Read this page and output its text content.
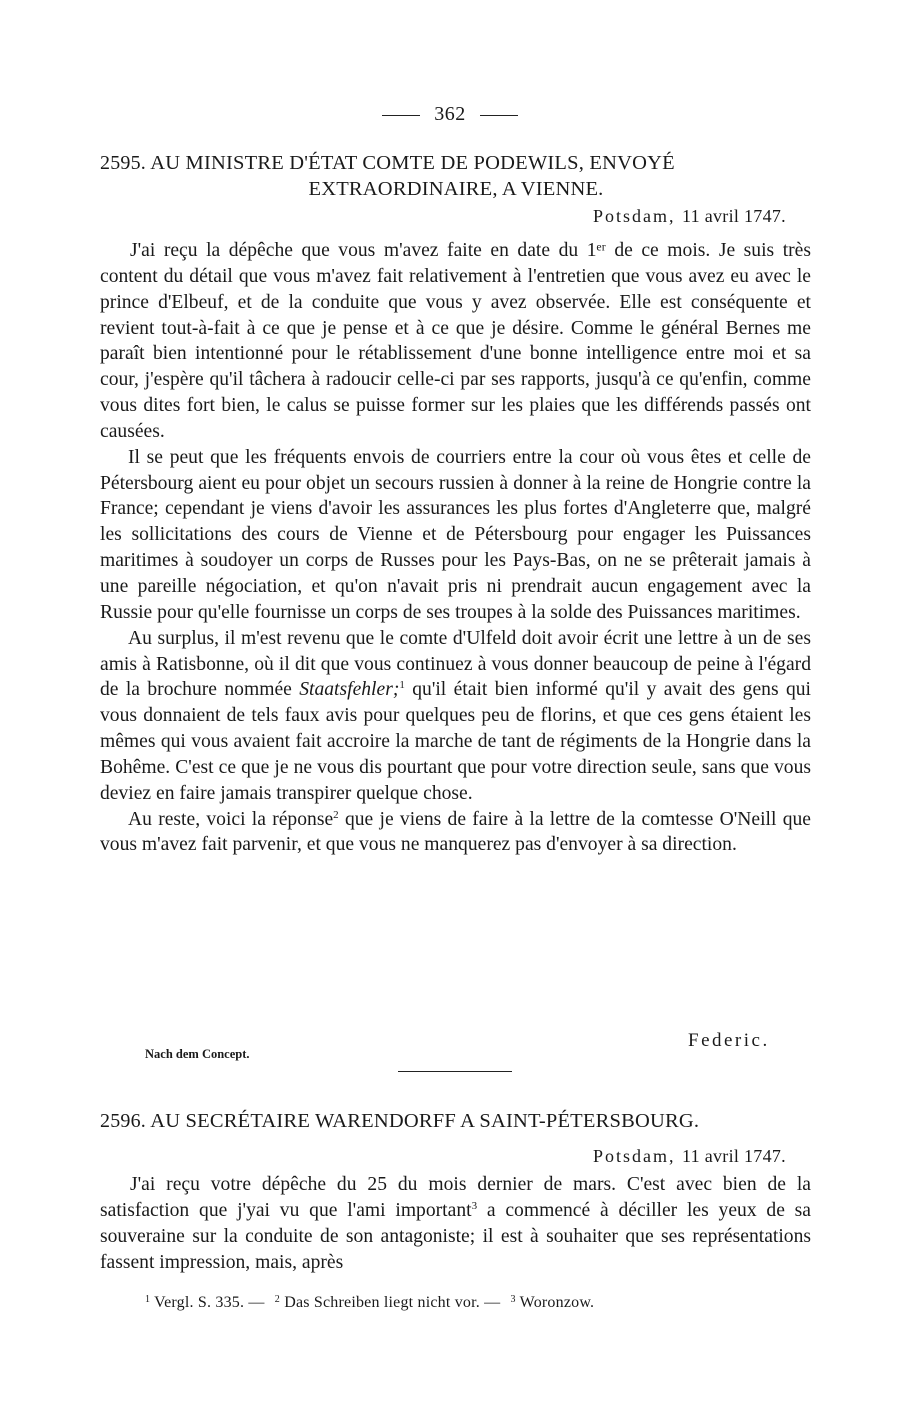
362
2595. AU MINISTRE D'ÉTAT COMTE DE PODEWILS, ENVOYÉ
EXTRAORDINAIRE, A VIENNE.
Potsdam, 11 avril 1747.

J'ai reçu la dépêche que vous m'avez faite en date du 1ᵉʳ de ce mois. Je suis très content du détail que vous m'avez fait relativement à l'entretien que vous avez eu avec le prince d'Elbeuf, et de la conduite que vous y avez observée. Elle est conséquente et revient tout-à-fait à ce que je pense et à ce que je désire. Comme le général Bernes me paraît bien intentionné pour le rétablissement d'une bonne intelligence entre moi et sa cour, j'espère qu'il tâchera à radoucir celle-ci par ses rapports, jusqu'à ce qu'enfin, comme vous dites fort bien, le calus se puisse former sur les plaies que les différends passés ont causées.

Il se peut que les fréquents envois de courriers entre la cour où vous êtes et celle de Pétersbourg aient eu pour objet un secours russien à donner à la reine de Hongrie contre la France; cependant je viens d'avoir les assurances les plus fortes d'Angleterre que, malgré les sollicitations des cours de Vienne et de Pétersbourg pour engager les Puissances maritimes à soudoyer un corps de Russes pour les Pays-Bas, on ne se prêterait jamais à une pareille négociation, et qu'on n'avait pris ni prendrait aucun engagement avec la Russie pour qu'elle fournisse un corps de ses troupes à la solde des Puissances maritimes.

Au surplus, il m'est revenu que le comte d'Ulfeld doit avoir écrit une lettre à un de ses amis à Ratisbonne, où il dit que vous continuez à vous donner beaucoup de peine à l'égard de la brochure nommée Staatsfehler;$^1$ qu'il était bien informé qu'il y avait des gens qui vous donnaient de tels faux avis pour quelques peu de florins, et que ces gens étaient les mêmes qui vous avaient fait accroire la marche de tant de régiments de la Hongrie dans la Bohême. C'est ce que je ne vous dis pourtant que pour votre direction seule, sans que vous deviez en faire jamais transpirer quelque chose.

Au reste, voici la réponse$^2$ que je viens de faire à la lettre de la comtesse O'Neill que vous m'avez fait parvenir, et que vous ne manquerez pas d'envoyer à sa direction.

Federic.
Nach dem Concept.
2596. AU SECRÉTAIRE WARENDORFF A SAINT-PÉTERSBOURG.
Potsdam, 11 avril 1747.

J'ai reçu votre dépêche du 25 du mois dernier de mars. C'est avec bien de la satisfaction que j'yai vu que l'ami important$^3$ a commencé à déciller les yeux de sa souveraine sur la conduite de son antagoniste; il est à souhaiter que ses représentations fassent impression, mais, après

$^1$ Vergl. S. 335. — $^2$ Das Schreiben liegt nicht vor. — $^3$ Woronzow.
